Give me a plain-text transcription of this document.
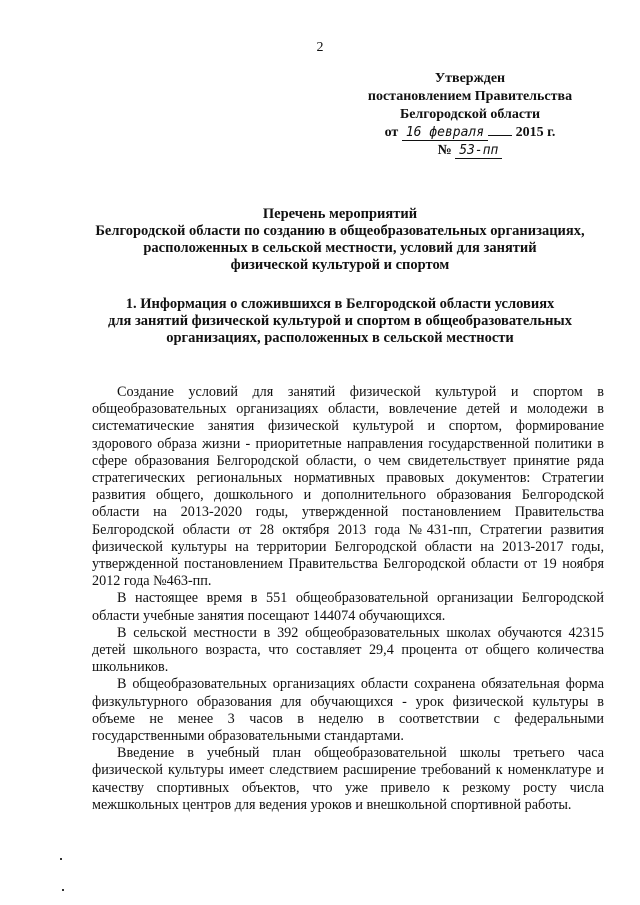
2
Утвержден
постановлением Правительства
Белгородской области
от 16 февраля 2015 г.
№ 53-пп
Перечень мероприятий
Белгородской области по созданию в общеобразовательных организациях,
расположенных в сельской местности, условий для занятий
физической культурой и спортом
1. Информация о сложившихся в Белгородской области условиях
для занятий физической культурой и спортом в общеобразовательных
организациях, расположенных в сельской местности

Создание условий для занятий физической культурой и спортом в общеобразовательных организациях области, вовлечение детей и молодежи в систематические занятия физической культурой и спортом, формирование здорового образа жизни - приоритетные направления государственной политики в сфере образования Белгородской области, о чем свидетельствует принятие ряда стратегических региональных нормативных правовых документов: Стратегии развития общего, дошкольного и дополнительного образования Белгородской области на 2013-2020 годы, утвержденной постановлением Правительства Белгородской области от 28 октября 2013 года №431-пп, Стратегии развития физической культуры на территории Белгородской области на 2013-2017 годы, утвержденной постановлением Правительства Белгородской области от 19 ноября 2012 года №463-пп.

В настоящее время в 551 общеобразовательной организации Белгородской области учебные занятия посещают 144074 обучающихся.

В сельской местности в 392 общеобразовательных школах обучаются 42315 детей школьного возраста, что составляет 29,4 процента от общего количества школьников.

В общеобразовательных организациях области сохранена обязательная форма физкультурного образования для обучающихся - урок физической культуры в объеме не менее 3 часов в неделю в соответствии с федеральными государственными образовательными стандартами.

Введение в учебный план общеобразовательной школы третьего часа физической культуры имеет следствием расширение требований к номенклатуре и качеству спортивных объектов, что уже привело к резкому росту числа межшкольных центров для ведения уроков и внешкольной спортивной работы.
